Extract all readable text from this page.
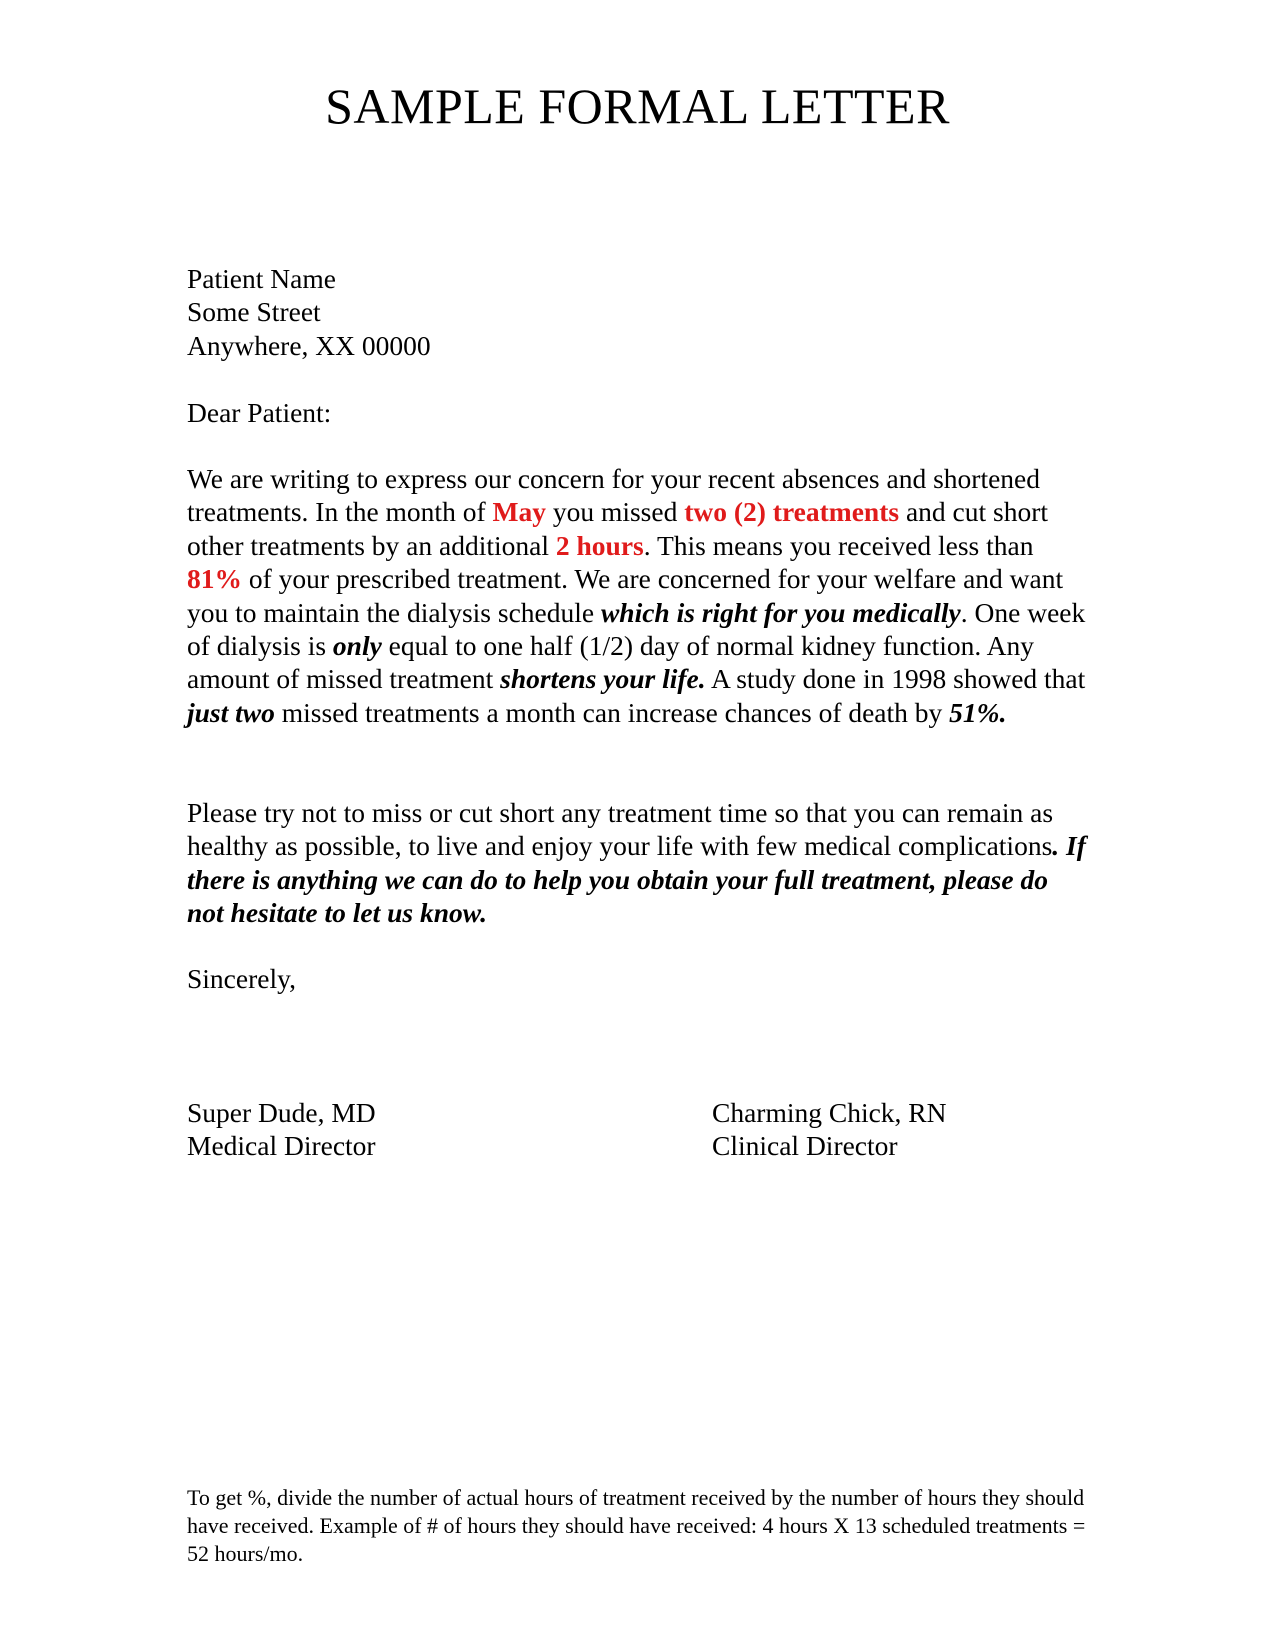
SAMPLE FORMAL LETTER
Patient Name
Some Street
Anywhere, XX 00000
Dear Patient:
We are writing to express our concern for your recent absences and shortened treatments. In the month of May you missed two (2) treatments and cut short other treatments by an additional 2 hours. This means you received less than 81% of your prescribed treatment. We are concerned for your welfare and want you to maintain the dialysis schedule which is right for you medically. One week of dialysis is only equal to one half (1/2) day of normal kidney function. Any amount of missed treatment shortens your life. A study done in 1998 showed that just two missed treatments a month can increase chances of death by 51%.
Please try not to miss or cut short any treatment time so that you can remain as healthy as possible, to live and enjoy your life with few medical complications. If there is anything we can do to help you obtain your full treatment, please do not hesitate to let us know.
Sincerely,
Super Dude, MD
Medical Director
Charming Chick, RN
Clinical Director
To get %, divide the number of actual hours of treatment received by the number of hours they should have received. Example of # of hours they should have received: 4 hours X 13 scheduled treatments = 52 hours/mo.
